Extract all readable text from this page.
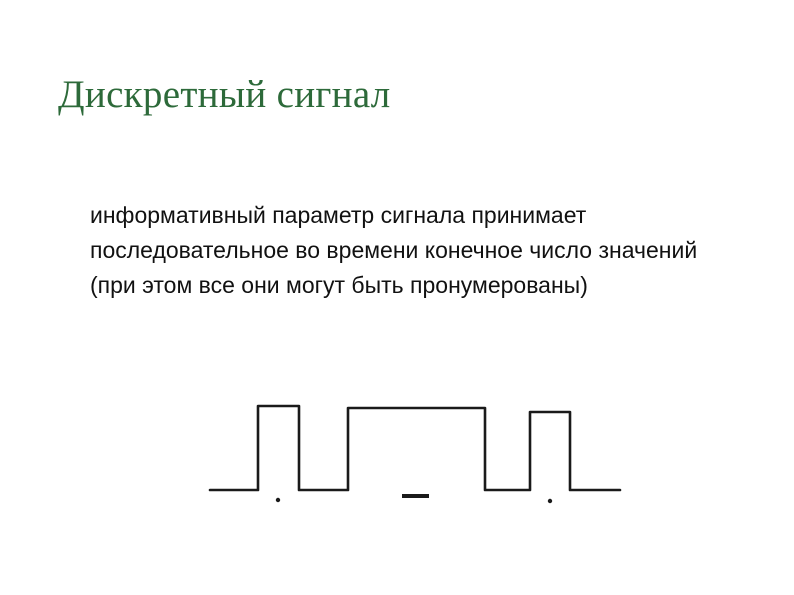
Дискретный сигнал

информативный параметр сигнала принимает последовательное во времени конечное число значений (при этом все они могут быть пронумерованы)
